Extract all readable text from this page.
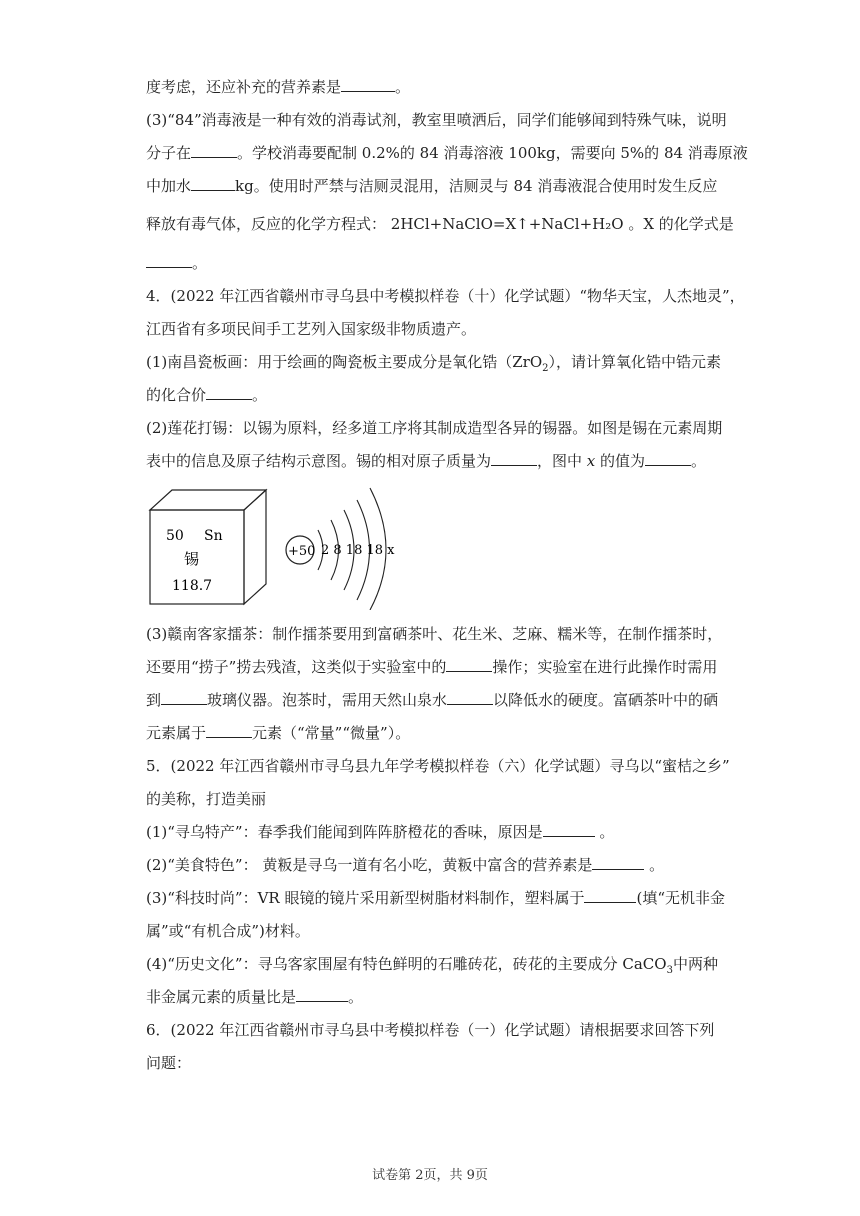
度考虑，还应补充的营养素是	。
(3)“84”消毒液是一种有效的消毒试剂，教室里喷洒后，同学们能够闻到特殊气味，说明
分子在	。学校消毒要配制 0.2%的 84 消毒溶液 100kg，需要向 5%的 84 消毒原液
中加水	kg。使用时严禁与洁厕灵混用，洁厕灵与 84 消毒液混合使用时发生反应
释放有毒气体，反应的化学方程式： 2HCl+NaClO=X↑+NaCl+H₂O 。X 的化学式是
。
4．(2022 年江西省赣州市寻乌县中考模拟样卷（十）化学试题）“物华天宝，人杰地灵”，
江西省有多项民间手工艺列入国家级非物质遗产。
(1)南昌瓷板画：用于绘画的陶瓷板主要成分是氧化锆（ZrO$_2$），请计算氧化锆中锆元素
的化合价	。
(2)莲花打锡：以锡为原料，经多道工序将其制成造型各异的锡器。如图是锡在元素周期
表中的信息及原子结构示意图。锡的相对原子质量为	，图中 x 的值为	。
50 Sn
锡
118.7
+50 2 8 18 18 x
(3)赣南客家擂茶：制作擂茶要用到富硒茶叶、花生米、芝麻、糯米等，在制作擂茶时，
还要用“捞子”捞去残渣，这类似于实验室中的	操作；实验室在进行此操作时需用
到	玻璃仪器。泡茶时，需用天然山泉水	以降低水的硬度。富硒茶叶中的硒
元素属于	元素（“常量”“微量”）。
5．(2022 年江西省赣州市寻乌县九年学考模拟样卷（六）化学试题）寻乌以“蜜桔之乡”
的美称，打造美丽
(1)“寻乌特产”：春季我们能闻到阵阵脐橙花的香味，原因是	。
(2)“美食特色”： 黄粄是寻乌一道有名小吃，黄粄中富含的营养素是	。
(3)“科技时尚”：VR 眼镜的镜片采用新型树脂材料制作，塑料属于	(填“无机非金
属”或“有机合成”)材料。
(4)“历史文化”：寻乌客家围屋有特色鲜明的石雕砖花，砖花的主要成分 CaCO$_3$中两种
非金属元素的质量比是	。
6．(2022 年江西省赣州市寻乌县中考模拟样卷（一）化学试题）请根据要求回答下列
问题：
试卷第 2页，共 9页
